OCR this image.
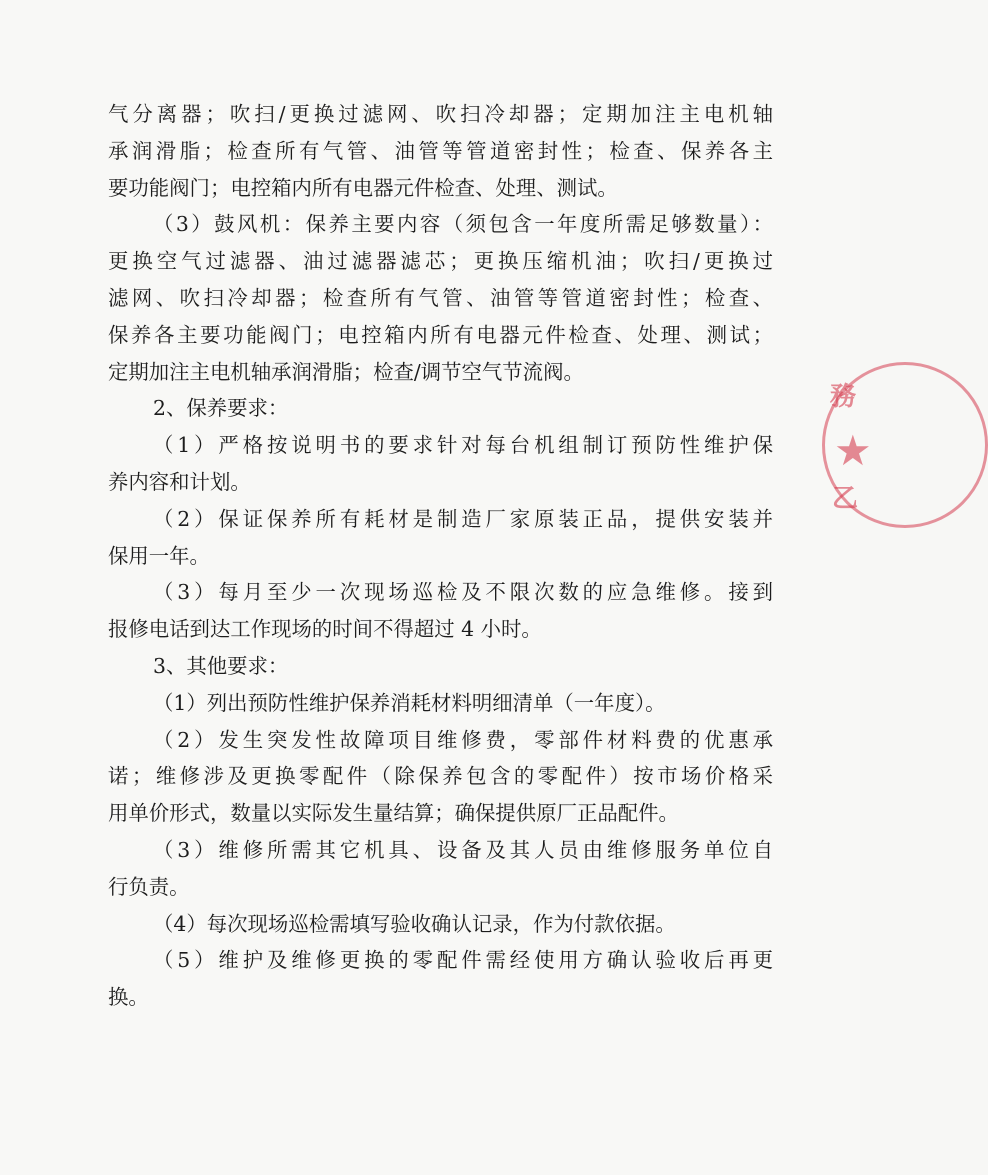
气分离器；吹扫/更换过滤网、吹扫冷却器；定期加注主电机轴
承润滑脂；检查所有气管、油管等管道密封性；检查、保养各主
要功能阀门；电控箱内所有电器元件检查、处理、测试。
（3）鼓风机：保养主要内容（须包含一年度所需足够数量）：
更换空气过滤器、油过滤器滤芯；更换压缩机油；吹扫/更换过
滤网、吹扫冷却器；检查所有气管、油管等管道密封性；检查、
保养各主要功能阀门；电控箱内所有电器元件检查、处理、测试；
定期加注主电机轴承润滑脂；检查/调节空气节流阀。
2、保养要求：
（1）严格按说明书的要求针对每台机组制订预防性维护保
养内容和计划。
（2）保证保养所有耗材是制造厂家原装正品，提供安装并
保用一年。
（3）每月至少一次现场巡检及不限次数的应急维修。接到
报修电话到达工作现场的时间不得超过 4 小时。
3、其他要求：
（1）列出预防性维护保养消耗材料明细清单（一年度）。
（2）发生突发性故障项目维修费，零部件材料费的优惠承
诺；维修涉及更换零配件（除保养包含的零配件）按市场价格采
用单价形式，数量以实际发生量结算；确保提供原厂正品配件。
（3）维修所需其它机具、设备及其人员由维修服务单位自
行负责。
（4）每次现场巡检需填写验收确认记录，作为付款依据。
（5）维护及维修更换的零配件需经使用方确认验收后再更
换。
務
★
乙
